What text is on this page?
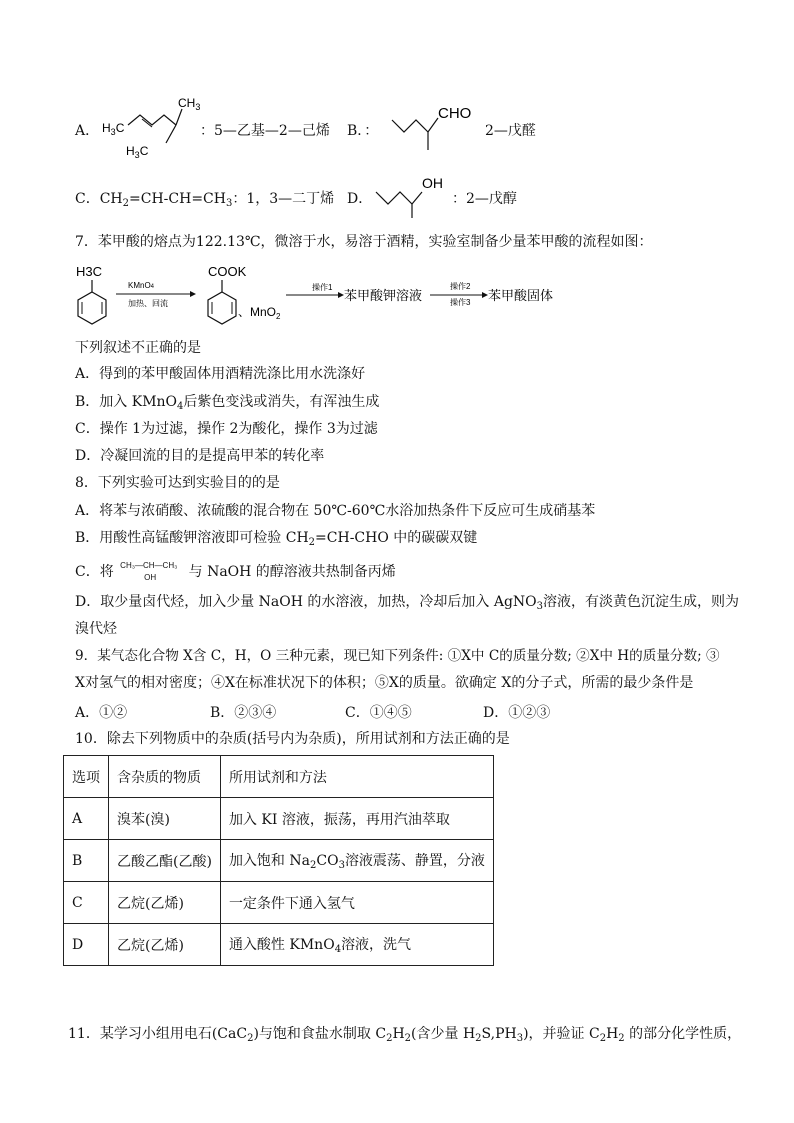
A． $H_3C$
$CH_3$
$H_3C$
：5—乙基—2—己烯 B．：
CHO
2—戊醛
C．$CH_2=CH-CH=CH_3$：1，3—二丁烯 D．
OH
：2—戊醇
7．苯甲酸的熔点为122.13℃，微溶于水，易溶于酒精，实验室制备少量苯甲酸的流程如图：
H3C
KMnO4
加热、回流
COOK
、MnO$_2$
操作1
苯甲酸钾溶液
操作2
操作3 苯甲酸固体
下列叙述不正确的是
A．得到的苯甲酸固体用酒精洗涤比用水洗涤好
B．加入 KMnO$_4$后紫色变浅或消失，有浑浊生成
C．操作 1为过滤，操作 2为酸化，操作 3为过滤
D．冷凝回流的目的是提高甲苯的转化率
8．下列实验可达到实验目的的是
A．将苯与浓硝酸、浓硫酸的混合物在 50℃-60℃水浴加热条件下反应可生成硝基苯
B．用酸性高锰酸钾溶液即可检验 $CH_2=CH$-CHO 中的碳碳双键
C．将 CH₃—CH—CH₃
OH 与 NaOH 的醇溶液共热制备丙烯
D．取少量卤代烃，加入少量 NaOH 的水溶液，加热，冷却后加入 AgNO$_3$溶液，有淡黄色沉淀生成，则为
溴代烃
9．某气态化合物 X含 C，H，O 三种元素，现已知下列条件: ①X中 C的质量分数; ②X中 H的质量分数; ③
X对氢气的相对密度；④X在标准状况下的体积；⑤X的质量。欲确定 X的分子式，所需的最少条件是
A．①②	B．②③④	C．①④⑤	D．①②③
10．除去下列物质中的杂质(括号内为杂质)，所用试剂和方法正确的是
选项	含杂质的物质	所用试剂和方法
A	溴苯(溴)	加入 KI 溶液，振荡，再用汽油萃取
B	乙酸乙酯(乙酸)	加入饱和 $Na_2CO_3$溶液震荡、静置，分液
C	乙烷(乙烯)	一定条件下通入氢气
D	乙烷(乙烯)	通入酸性 KMnO$_4$溶液，洗气
11．某学习小组用电石(CaC$_2$)与饱和食盐水制取 $C_2H_2$(含少量 $H_2S,PH_3$)，并验证 $C_2H_2$ 的部分化学性质，
